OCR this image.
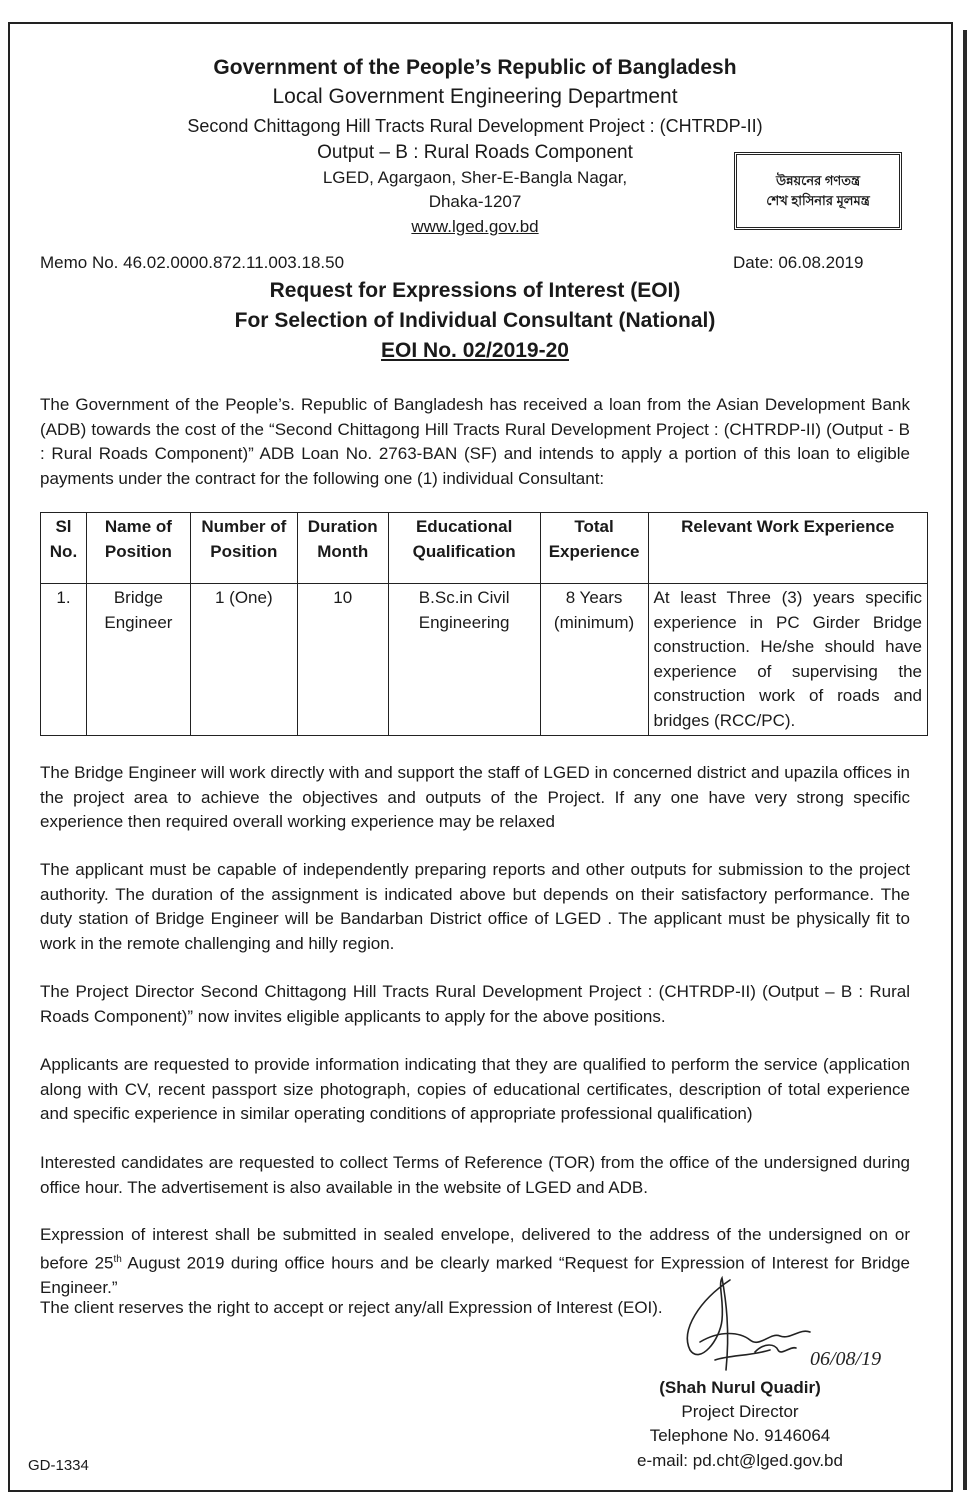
Government of the People’s Republic of Bangladesh
Local Government Engineering Department
Second Chittagong Hill Tracts Rural Development Project : (CHTRDP-II)
Output – B : Rural Roads Component
LGED, Agargaon, Sher-E-Bangla Nagar,
Dhaka-1207
www.lged.gov.bd
উন্নয়নের গণতন্ত্র
শেখ হাসিনার মূলমন্ত্র
Memo No. 46.02.0000.872.11.003.18.50	Date: 06.08.2019
Request for Expressions of Interest (EOI)
For Selection of Individual Consultant (National)
EOI No. 02/2019-20

The Government of the People’s. Republic of Bangladesh has received a loan from the Asian Development Bank (ADB) towards the cost of the “Second Chittagong Hill Tracts Rural Development Project : (CHTRDP-II) (Output - B : Rural Roads Component)” ADB Loan No. 2763-BAN (SF) and intends to apply a portion of this loan to eligible payments under the contract for the following one (1) individual Consultant:

Sl No.	Name of Position	Number of Position	Duration Month	Educational Qualification	Total Experience	Relevant Work Experience
1.	Bridge Engineer	1 (One)	10	B.Sc.in Civil Engineering	8 Years (minimum)	At least Three (3) years specific experience in PC Girder Bridge construction. He/she should have experience of supervising the construction work of roads and bridges (RCC/PC).

The Bridge Engineer will work directly with and support the staff of LGED in concerned district and upazila offices in the project area to achieve the objectives and outputs of the Project. If any one have very strong specific experience then required overall working experience may be relaxed

The applicant must be capable of independently preparing reports and other outputs for submission to the project authority. The duration of the assignment is indicated above but depends on their satisfactory performance. The duty station of Bridge Engineer will be Bandarban District office of LGED . The applicant must be physically fit to work in the remote challenging and hilly region.

The Project Director Second Chittagong Hill Tracts Rural Development Project : (CHTRDP-II) (Output – B : Rural Roads Component)” now invites eligible applicants to apply for the above positions.

Applicants are requested to provide information indicating that they are qualified to perform the service (application along with CV, recent passport size photograph, copies of educational certificates, description of total experience and specific experience in similar operating conditions of appropriate professional qualification)

Interested candidates are requested to collect Terms of Reference (TOR) from the office of the undersigned during office hour. The advertisement is also available in the website of LGED and ADB.

Expression of interest shall be submitted in sealed envelope, delivered to the address of the undersigned on or before 25th August 2019 during office hours and be clearly marked “Request for Expression of Interest for Bridge Engineer.”

The client reserves the right to accept or reject any/all Expression of Interest (EOI).

06/08/19
(Shah Nurul Quadir)
Project Director
Telephone No. 9146064
e-mail: pd.cht@lged.gov.bd
GD-1334
